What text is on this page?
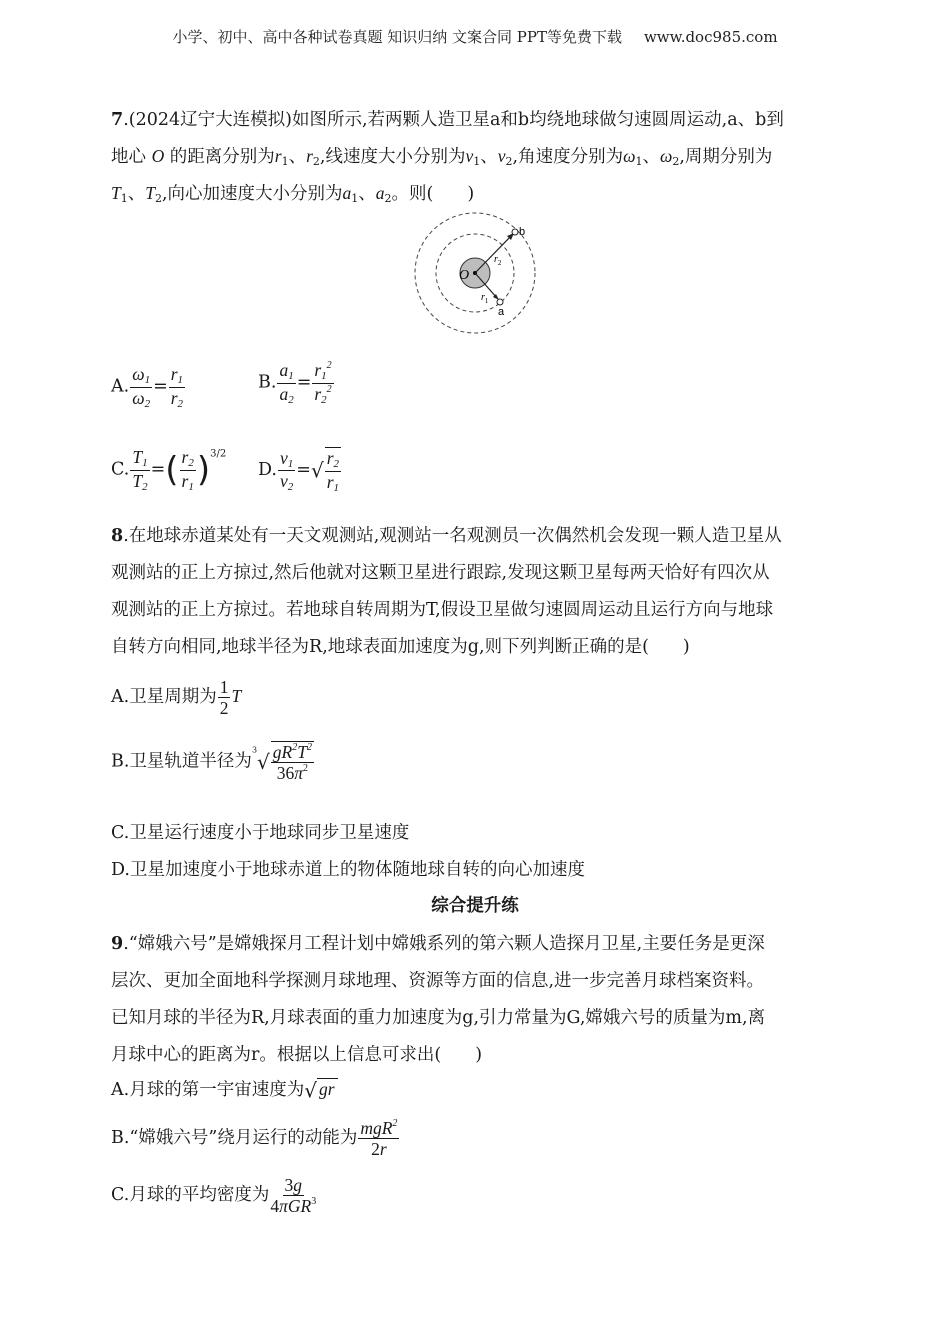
小学、初中、高中各种试卷真题 知识归纳 文案合同 PPT等免费下载 www.doc985.com
7.(2024辽宁大连模拟)如图所示,若两颗人造卫星a和b均绕地球做匀速圆周运动,a、b到
地心 O 的距离分别为$r_1$、$r_2$,线速度大小分别为$v_1$、$v_2$,角速度分别为$\omega_1$、$\omega_2$,周期分别为
$T_1$、$T_2$,向心加速度大小分别为$a_1$、$a_2$。则( )
O
$r_2$
$r_1$
b
a
A. $\frac{\omega_1}{\omega_2} = \frac{r_1}{r_2}$	B. $\frac{a_1}{a_2} = \frac{r_1^2}{r_2^2}$
C. $\frac{T_1}{T_2}$ =( $\frac{r_2}{r_1} )^{3/2}$
D. $\frac{v_1}{v_2}$ =√ $\frac{r_2}{r_1}$
8.在地球赤道某处有一天文观测站,观测站一名观测员一次偶然机会发现一颗人造卫星从
观测站的正上方掠过,然后他就对这颗卫星进行跟踪,发现这颗卫星每两天恰好有四次从
观测站的正上方掠过。若地球自转周期为T,假设卫星做匀速圆周运动且运行方向与地球
自转方向相同,地球半径为R,地球表面加速度为g,则下列判断正确的是( )
A.卫星周期为 $\frac{1}{2}$ T
B.卫星轨道半径为$^3√ \frac{gR^2T^2}{36\pi^2}$
C.卫星运行速度小于地球同步卫星速度
D.卫星加速度小于地球赤道上的物体随地球自转的向心加速度
综合提升练
9.“嫦娥六号”是嫦娥探月工程计划中嫦娥系列的第六颗人造探月卫星,主要任务是更深
层次、更加全面地科学探测月球地理、资源等方面的信息,进一步完善月球档案资料。
已知月球的半径为R,月球表面的重力加速度为g,引力常量为G,嫦娥六号的质量为m,离
月球中心的距离为r。根据以上信息可求出( )
A.月球的第一宇宙速度为√ gr
B.“嫦娥六号”绕月运行的动能为 $\frac{mgR^2}{2r}$
C.月球的平均密度为 $\frac{3g}{4\pi GR^3}$
